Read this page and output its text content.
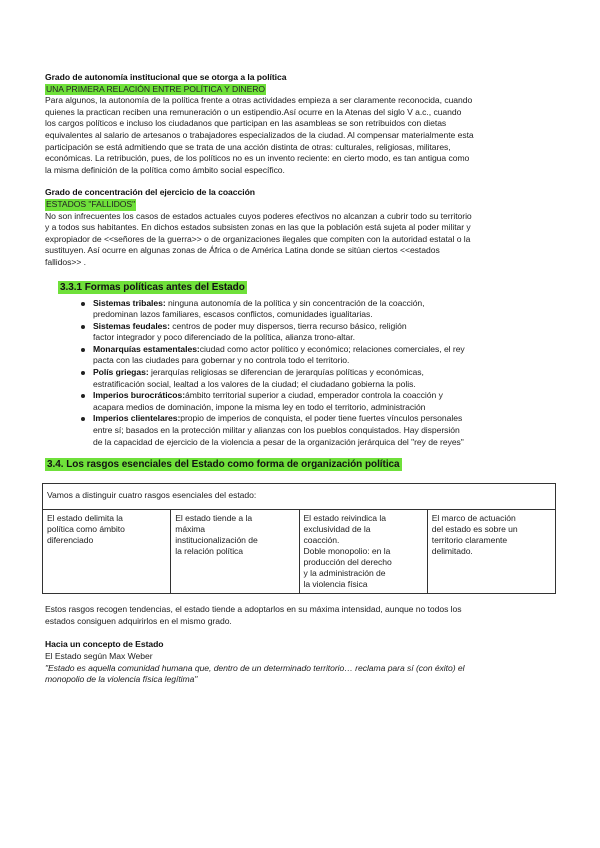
Grado de autonomía institucional que se otorga a la política
UNA PRIMERA RELACIÓN ENTRE POLÍTICA Y DINERO
Para algunos, la autonomía de la política frente a otras actividades empieza a ser claramente reconocida, cuando
quienes la practican reciben una remuneración o un estipendio.Así ocurre en la Atenas del siglo V a.c., cuando
los cargos políticos e incluso los ciudadanos que participan en las asambleas se son retribuidos con dietas
equivalentes al salario de artesanos o trabajadores especializados de la ciudad. Al compensar materialmente esta
participación se está admitiendo que se trata de una acción distinta de otras: culturales, religiosas, militares,
económicas. La retribución, pues, de los políticos no es un invento reciente: en cierto modo, es tan antigua como
la misma definición de la política como ámbito social específico.
Grado de concentración del ejercicio de la coacción
ESTADOS "FALLIDOS"
No son infrecuentes los casos de estados actuales cuyos poderes efectivos no alcanzan a cubrir todo su territorio
y a todos sus habitantes. En dichos estados subsisten zonas en las que la población está sujeta al poder militar y
expropiador de <<señores de la guerra>> o de organizaciones ilegales que compiten con la autoridad estatal o la
sustituyen. Así ocurre en algunas zonas de África o de América Latina donde se sitúan ciertos <<estados
fallidos>> .
3.3.1 Formas políticas antes del Estado
Sistemas tribales: ninguna autonomía de la política y sin concentración de la coacción,
predominan lazos familiares, escasos conflictos, comunidades igualitarias.
Sistemas feudales: centros de poder muy dispersos, tierra recurso básico, religión
factor integrador y poco diferenciado de la política, alianza trono-altar.
Monarquías estamentales:ciudad como actor político y económico; relaciones comerciales, el rey
pacta con las ciudades para gobernar y no controla todo el territorio.
Polís griegas: jerarquías religiosas se diferencian de jerarquías políticas y económicas,
estratificación social, lealtad a los valores de la ciudad; el ciudadano gobierna la polis.
Imperios burocráticos:ámbito territorial superior a ciudad, emperador controla la coacción y
acapara medios de dominación, impone la misma ley en todo el territorio, administración
Imperios clientelares:propio de imperios de conquista, el poder tiene fuertes vínculos personales
entre sí; basados en la protección militar y alianzas con los pueblos conquistados. Hay dispersión
de la capacidad de ejercicio de la violencia a pesar de la organización jerárquica del "rey de reyes"
3.4. Los rasgos esenciales del Estado como forma de organización política
Vamos a distinguir cuatro rasgos esenciales del estado:
El estado delimita la
política como ámbito
diferenciado	El estado tiende a la
máxima
institucionalización de
la relación política	El estado reivindica la
exclusividad de la
coacción.
Doble monopolio: en la
producción del derecho
y la administración de
la violencia física	El marco de actuación
del estado es sobre un
territorio claramente
delimitado.
Estos rasgos recogen tendencias, el estado tiende a adoptarlos en su máxima intensidad, aunque no todos los
estados consiguen adquirirlos en el mismo grado.
Hacia un concepto de Estado
El Estado según Max Weber
"Estado es aquella comunidad humana que, dentro de un determinado territorio… reclama para sí (con éxito) el
monopolio de la violencia física legítima"
